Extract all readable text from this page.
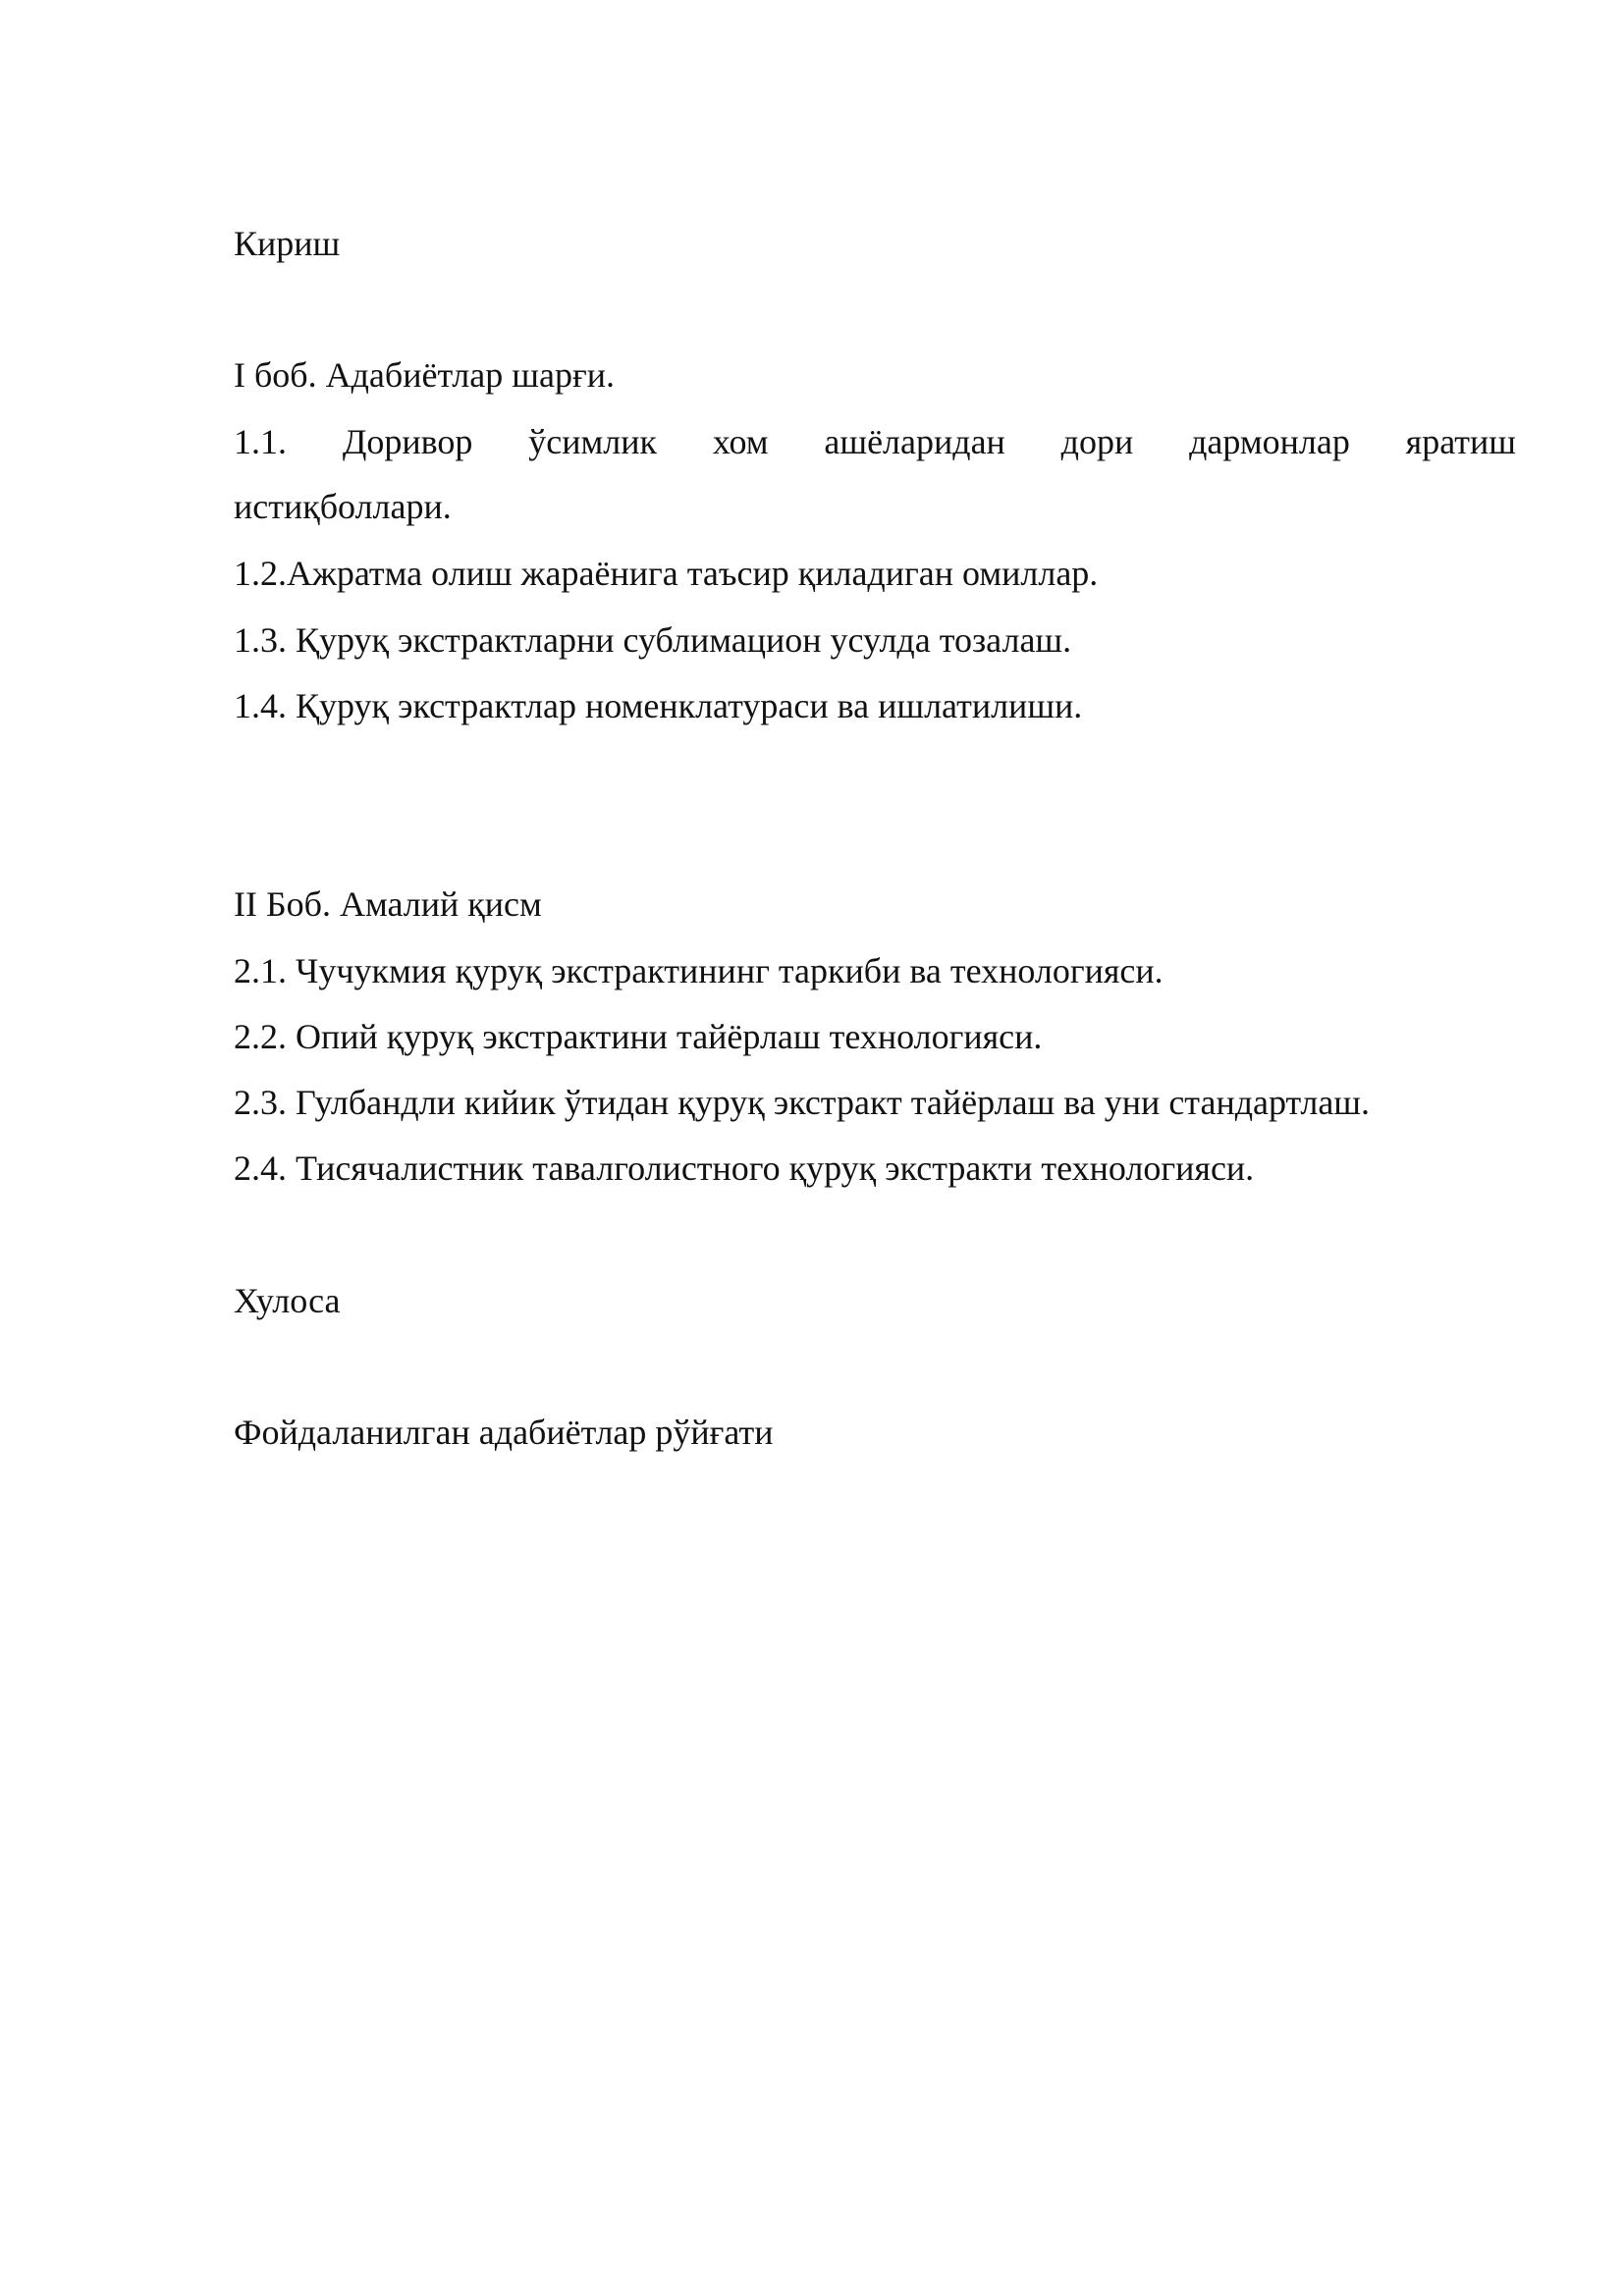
Кириш

I боб. Адабиётлар шарғи.

1.1. Доривор ўсимлик хом ашёларидан дори дармонлар яратиш

истиқболлари.

1.2.Ажратма олиш жараёнига таъсир қиладиган омиллар.

1.3. Қуруқ экстрактларни сублимацион усулда тозалаш.

1.4. Қуруқ экстрактлар номенклатураси ва ишлатилиши.

II Боб. Амалий қисм

2.1. Чучукмия қуруқ экстрактининг таркиби ва технологияси.

2.2. Опий қуруқ экстрактини тайёрлаш технологияси.

2.3. Гулбандли кийик ўтидан қуруқ экстракт тайёрлаш ва уни стандартлаш.

2.4. Тисячалистник тавалголистного қуруқ экстракти технологияси.

Хулоса

Фойдаланилган адабиётлар рўйғати
